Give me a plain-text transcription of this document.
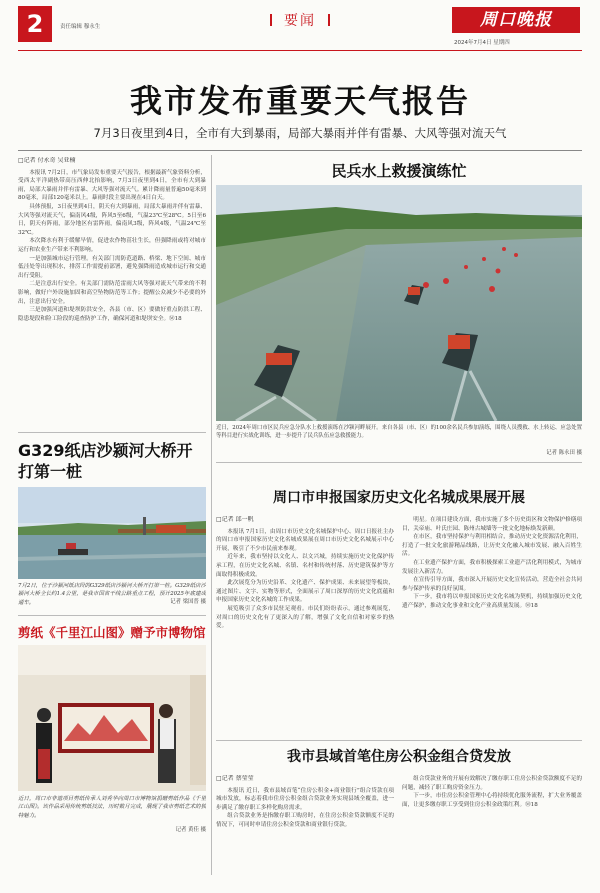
2	责任编辑 穆永生	要闻	周口晚报
2024年7月4日 星期四
我市发布重要天气报告
7月3日夜里到4日，全市有大到暴雨，局部大暴雨并伴有雷暴、大风等强对流天气
□记者 付永奇 吴亚楠

本报讯 7月2日，市气象局发布重要天气报告，根据最新气象资料分析，受西太平洋副热带高压西伸北抬影响，7月3日夜里到4日，全市有大到暴雨，局部大暴雨并伴有雷暴、大风等强对流天气。累计降雨量普遍50毫米到80毫米，局部120毫米以上。暴雨时段主要出现在4日白天。

具体预报，3日夜里到4日，阴天有大到暴雨，局部大暴雨并伴有雷暴、大风等强对流天气，偏南风4级，阵风5至6级，气温23℃至28℃。5日至6日，阴天有阵雨，部分地区有雷阵雨，偏南风3级，阵风4级，气温24℃至32℃。

本次降水有利于缓解旱情，促进农作物茁壮生长，但强降雨或将对城市运行和农业生产带来不利影响。

一是加强城市运行管理。有关部门需防范道路、桥梁、地下空间、城市低洼处等出现积水，排涝工作需提前部署，避免强降雨造成城市运行和交通出行受阻。

二是注意出行安全。有关部门需防范雷雨大风等强对流天气带来的不利影响，做好户外设施加固和高空坠物防范等工作；提醒公众减少不必要的外出，注意出行安全。

三是加强河道和堤坝防洪安全，各县（市、区）要做好重点防洪工程、隐患堤段和险工险段的巡查防护工作，确保河道和堤坝安全。Ⓜ18

G329纸店沙颍河大桥开打第一桩
7月2日，位于沙颍河纸店段的G329纸店沙颍河大桥开打第一桩。G329纸店沙颍河大桥全长约1.4公里，是我市国省干线公路重点工程，预计2025年底建成通车。	记者 梁国普 摄
剪纸《千里江山图》赠予市博物馆
近日，周口市非遗项目剪纸传承人刘秀华向周口市博物馆捐赠剪纸作品《千里江山图》。该作品采用传统剪纸技法，历时数月完成，展现了我市剪纸艺术的独特魅力。
记者 黄佳 摄
民兵水上救援演练忙
近日，2024年周口市区民兵应急分队水上救援演练在沙颍河畔展开。来自各县（市、区）的100余名民兵参加演练，围绕人员搜救、水上转运、应急处置等科目进行实战化训练，进一步提升了民兵队伍应急救援能力。
记者 陈永田 摄
周口市申报国家历史文化名城成果展开展
□记者 邱一帆

本报讯 7月1日，由周口市历史文化名城保护中心、周口日报社主办的周口市申报国家历史文化名城成果展在周口市历史文化名城展示中心开展，吸引了不少市民前来参观。

近年来，我市坚持以文化人、以文兴城，持续实施历史文化保护传承工程，在历史文化名城、名镇、名村和传统村落、历史建筑保护等方面取得积极成效。

此次展览分为历史沿革、文化遗产、保护成果、未来展望等板块，通过图片、文字、实物等形式，全面展示了周口深厚的历史文化底蕴和申报国家历史文化名城的工作成果。

展览吸引了众多市民驻足观看。市民们纷纷表示，通过参观展览，对周口的历史文化有了更深入的了解，增强了文化自信和对家乡的热爱。

明星。在项目建设方面，我市实施了多个历史街区和文物保护修缮项目，关帝庙、叶氏庄园、陈州古城墙等一批文化地标焕发新颜。

在市区，我市坚持保护与利用相结合，推动历史文化资源活化利用，打造了一批文化旅游精品线路，让历史文化融入城市发展、融入百姓生活。

在工业遗产保护方面，我市积极探索工业遗产活化利用模式，为城市发展注入新活力。

在宣传引导方面，我市深入开展历史文化宣传活动，营造全社会共同参与保护传承的良好氛围。

下一步，我市将以申报国家历史文化名城为契机，持续加强历史文化遗产保护，推动文化事业和文化产业高质量发展。Ⓜ18

我市县域首笔住房公积金组合贷发放
□记者 蔡莹莹

本报讯 近日，我市县域首笔“住房公积金+商业银行”组合贷款在项城市发放，标志着我市住房公积金组合贷款业务实现县域全覆盖，进一步满足了缴存职工多样化购房需求。

组合贷款业务是指缴存职工购房时，在住房公积金贷款额度不足的情况下，可同时申请住房公积金贷款和商业银行贷款。

组合贷款业务的开展有效解决了缴存职工住房公积金贷款额度不足的问题，减轻了职工购房资金压力。

下一步，市住房公积金管理中心将持续优化服务流程，扩大业务覆盖面，让更多缴存职工享受到住房公积金政策红利。Ⓜ18
